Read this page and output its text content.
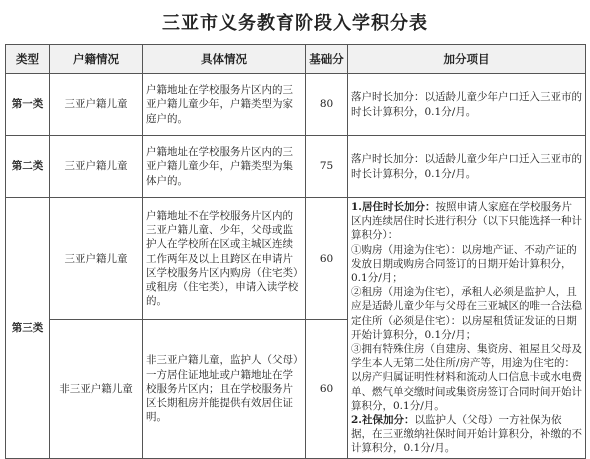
三亚市义务教育阶段入学积分表
类型	户籍情况	具体情况	基础分	加分项目
第一类	三亚户籍儿童	户籍地址在学校服务片区内的三亚户籍儿童少年，户籍类型为家庭户的。	80	落户时长加分：以适龄儿童少年户口迁入三亚市的时长计算积分，0.1分/月。
第二类	三亚户籍儿童	户籍地址在学校服务片区内的三亚户籍儿童少年，户籍类型为集体户的。	75	落户时长加分：以适龄儿童少年户口迁入三亚市的时长计算积分，0.1分/月。
第三类	三亚户籍儿童	户籍地址不在学校服务片区内的三亚户籍儿童、少年，父母或监护人在学校所在区或主城区连续工作两年及以上且跨区在申请片区学校服务片区内购房（住宅类）或租房（住宅类），申请入读学校的。	60	1.居住时长加分：按照申请人家庭在学校服务片区内连续居住时长进行积分（以下只能选择一种计算积分）：

①购房（用途为住宅）：以房地产证、不动产证的发放日期或购房合同签订的日期开始计算积分，0.1分/月；

②租房（用途为住宅），承租人必须是监护人，且应是适龄儿童少年与父母在三亚城区的唯一合法稳定住所（必须是住宅）：以房屋租赁证发证的日期开始计算积分，0.1分/月；

③拥有特殊住房（自建房、集资房、祖屋且父母及学生本人无第二处住所/房产等，用途为住宅的：以房产归属证明性材料和流动人口信息卡或水电费单、燃气单交缴时间或集资房签订合同时间开始计算积分，0.1分/月。

2.社保加分：以监护人（父母）一方社保为依据，在三亚缴纳社保时间开始计算积分，补缴的不计算积分，0.1分/月。

	非三亚户籍儿童	非三亚户籍儿童，监护人（父母）一方居住证地址或户籍地址在学校服务片区内；且在学校服务片区长期租房并能提供有效居住证明。	60	
